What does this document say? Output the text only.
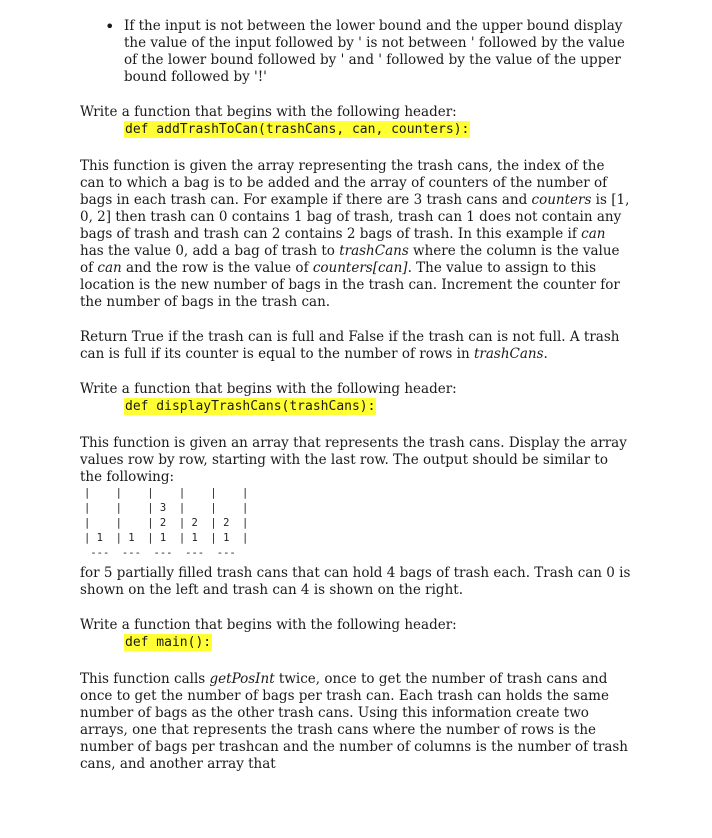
• If the input is not between the lower bound and the upper bound display the value of the input followed by ' is not between ' followed by the value of the lower bound followed by ' and ' followed by the value of the upper bound followed by '!'

Write a function that begins with the following header:

def addTrashToCan(trashCans, can, counters):

This function is given the array representing the trash cans, the index of the can to which a bag is to be added and the array of counters of the number of bags in each trash can. For example if there are 3 trash cans and counters is [1, 0, 2] then trash can 0 contains 1 bag of trash, trash can 1 does not contain any bags of trash and trash can 2 contains 2 bags of trash. In this example if can has the value 0, add a bag of trash to trashCans where the column is the value of can and the row is the value of counters[can]. The value to assign to this location is the new number of bags in the trash can. Increment the counter for the number of bags in the trash can.

Return True if the trash can is full and False if the trash can is not full. A trash can is full if its counter is equal to the number of rows in trashCans.

Write a function that begins with the following header:

def displayTrashCans(trashCans):

This function is given an array that represents the trash cans. Display the array values row by row, starting with the last row. The output should be similar to the following:

|    |    |    |    |    |
|    |    | 3  |    |    |
|    |    | 2  | 2  | 2  |
| 1  | 1  | 1  | 1  | 1  |
---  ---  ---  ---  ---

for 5 partially filled trash cans that can hold 4 bags of trash each. Trash can 0 is shown on the left and trash can 4 is shown on the right.

Write a function that begins with the following header:

def main():

This function calls getPosInt twice, once to get the number of trash cans and once to get the number of bags per trash can. Each trash can holds the same number of bags as the other trash cans. Using this information create two arrays, one that represents the trash cans where the number of rows is the number of bags per trashcan and the number of columns is the number of trash cans, and another array that
